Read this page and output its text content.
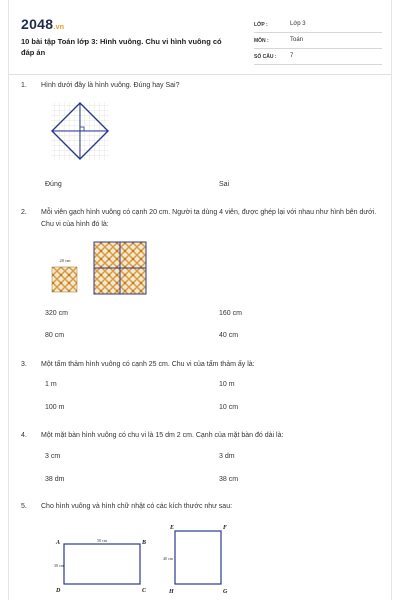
2048.vn
10 bài tập Toán lớp 3: Hình vuông. Chu vi hình vuông có đáp án
LỚP :	Lớp 3
MÔN :	Toán
SỐ CÂU : 7
1. Hình dưới đây là hình vuông. Đúng hay Sai?
Đúng	Sai
2. Mỗi viên gạch hình vuông có cạnh 20 cm. Người ta dùng 4 viên, được ghép lại với nhau như hình bên dưới. Chu vi của hình đó là:
20 cm
320 cm	160 cm
80 cm	40 cm
3. Một tấm thảm hình vuông có cạnh 25 cm. Chu vi của tấm thảm ấy là:
1 m	10 m
100 m	10 cm
4. Một mặt bàn hình vuông có chu vi là 15 dm 2 cm. Cạnh của mặt bàn đó dài là:
3 cm	3 dm
38 dm	38 cm
5. Cho hình vuông và hình chữ nhật có các kích thước như sau:
A	B
C
D
50 cm
30 cm
E	F
G
H
40 cm
